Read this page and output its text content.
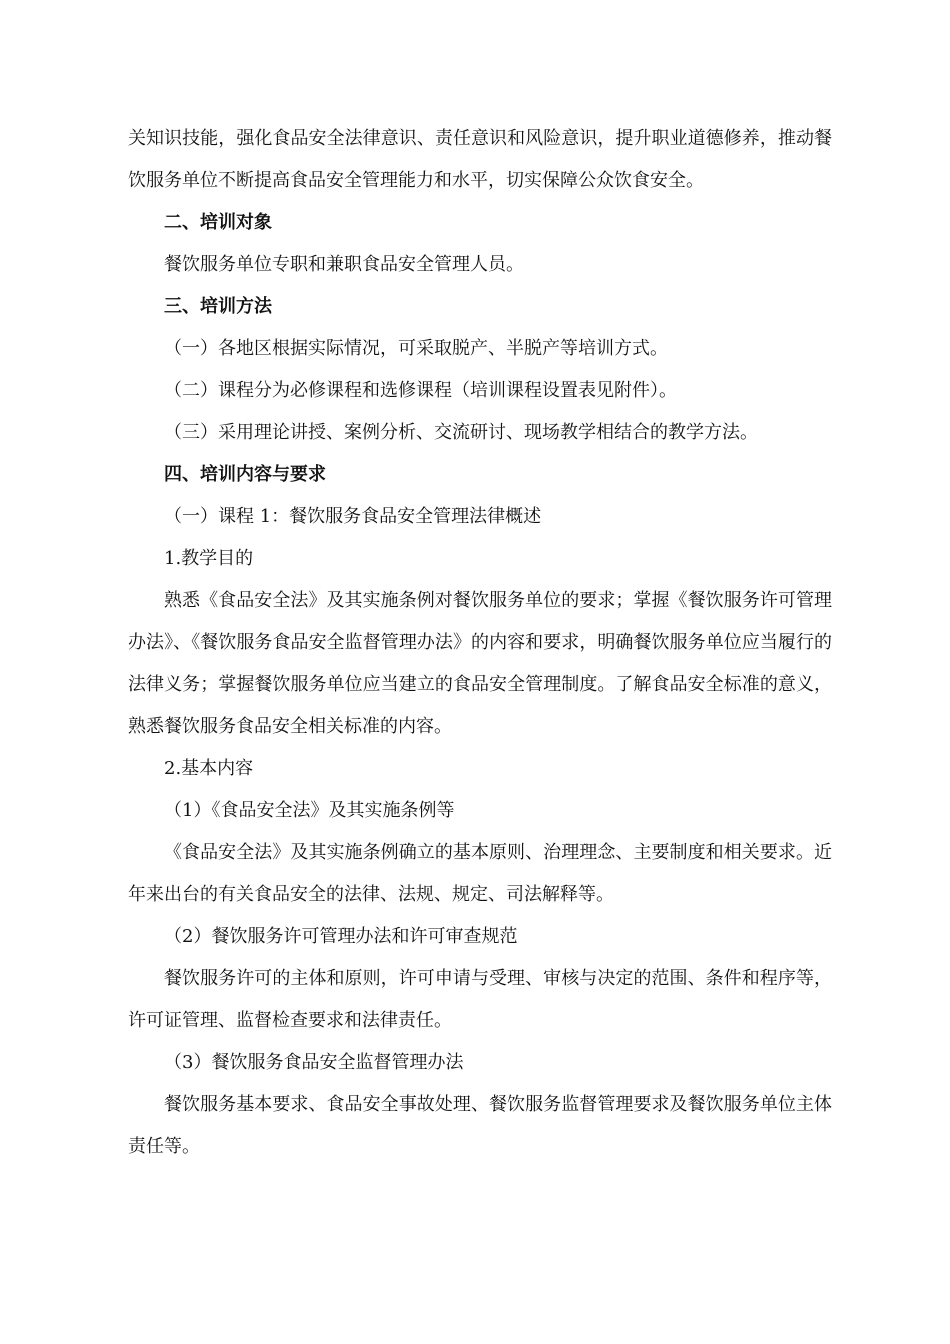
关知识技能，强化食品安全法律意识、责任意识和风险意识，提升职业道德修养，推动餐饮服务单位不断提高食品安全管理能力和水平，切实保障公众饮食安全。

二、培训对象

餐饮服务单位专职和兼职食品安全管理人员。

三、培训方法

（一）各地区根据实际情况，可采取脱产、半脱产等培训方式。

（二）课程分为必修课程和选修课程（培训课程设置表见附件）。

（三）采用理论讲授、案例分析、交流研讨、现场教学相结合的教学方法。

四、培训内容与要求

（一）课程 1：餐饮服务食品安全管理法律概述

1.教学目的

熟悉《食品安全法》及其实施条例对餐饮服务单位的要求；掌握《餐饮服务许可管理办法》、《餐饮服务食品安全监督管理办法》的内容和要求，明确餐饮服务单位应当履行的法律义务；掌握餐饮服务单位应当建立的食品安全管理制度。了解食品安全标准的意义，熟悉餐饮服务食品安全相关标准的内容。

2.基本内容

（1）《食品安全法》及其实施条例等

《食品安全法》及其实施条例确立的基本原则、治理理念、主要制度和相关要求。近年来出台的有关食品安全的法律、法规、规定、司法解释等。

（2）餐饮服务许可管理办法和许可审查规范

餐饮服务许可的主体和原则，许可申请与受理、审核与决定的范围、条件和程序等，许可证管理、监督检查要求和法律责任。

（3）餐饮服务食品安全监督管理办法

餐饮服务基本要求、食品安全事故处理、餐饮服务监督管理要求及餐饮服务单位主体责任等。
